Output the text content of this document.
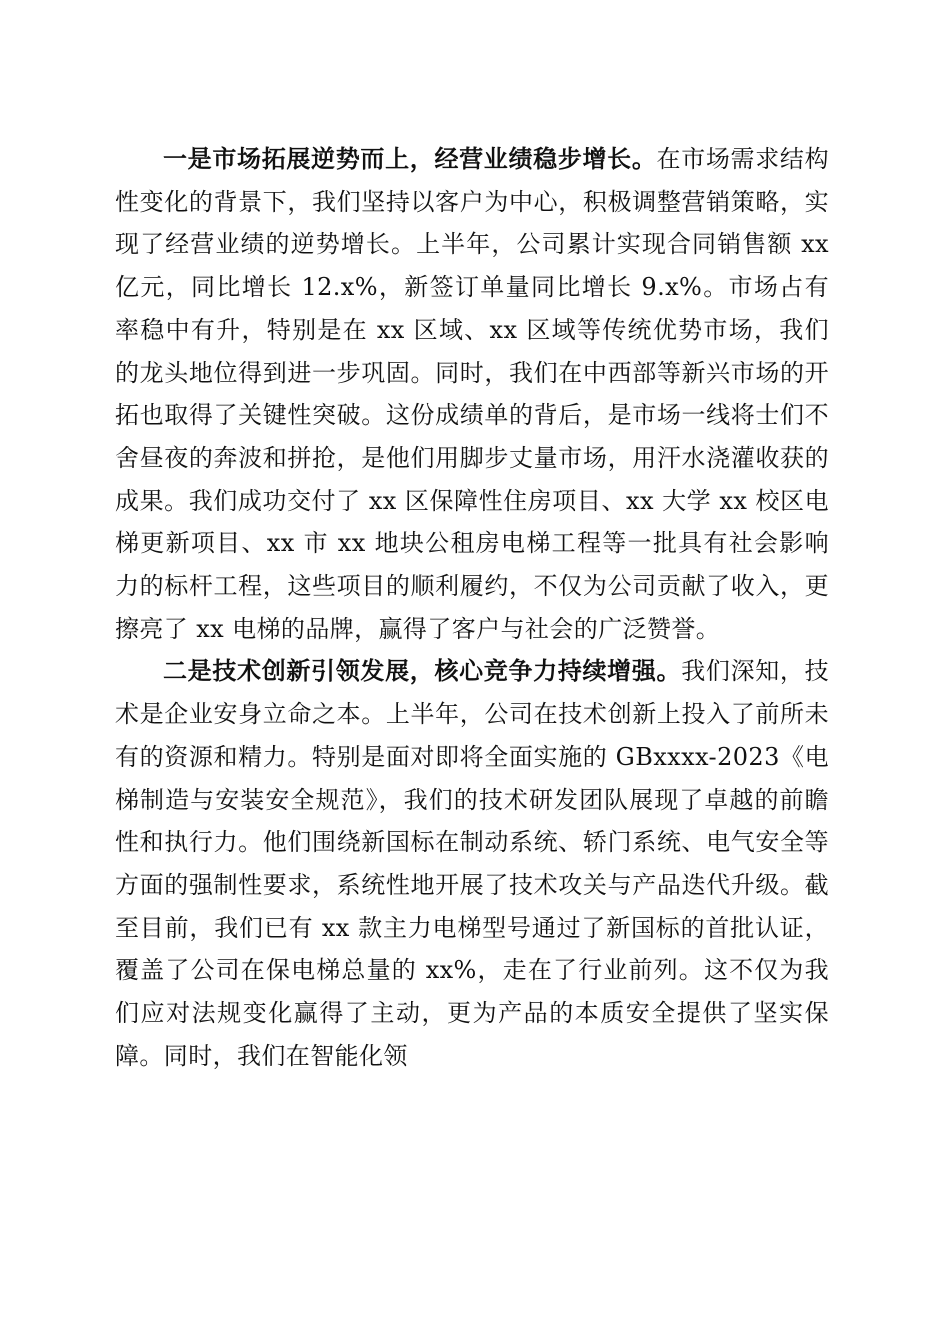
一是市场拓展逆势而上，经营业绩稳步增长。在市场需求结构性变化的背景下，我们坚持以客户为中心，积极调整营销策略，实现了经营业绩的逆势增长。上半年，公司累计实现合同销售额 xx 亿元，同比增长 12.x%，新签订单量同比增长 9.x%。市场占有率稳中有升，特别是在 xx 区域、xx 区域等传统优势市场，我们的龙头地位得到进一步巩固。同时，我们在中西部等新兴市场的开拓也取得了关键性突破。这份成绩单的背后，是市场一线将士们不舍昼夜的奔波和拼抢，是他们用脚步丈量市场，用汗水浇灌收获的成果。我们成功交付了 xx 区保障性住房项目、xx 大学 xx 校区电梯更新项目、xx 市 xx 地块公租房电梯工程等一批具有社会影响力的标杆工程，这些项目的顺利履约，不仅为公司贡献了收入，更擦亮了 xx 电梯的品牌，赢得了客户与社会的广泛赞誉。

二是技术创新引领发展，核心竞争力持续增强。我们深知，技术是企业安身立命之本。上半年，公司在技术创新上投入了前所未有的资源和精力。特别是面对即将全面实施的 GBxxxx-2023《电梯制造与安装安全规范》，我们的技术研发团队展现了卓越的前瞻性和执行力。他们围绕新国标在制动系统、轿门系统、电气安全等方面的强制性要求，系统性地开展了技术攻关与产品迭代升级。截至目前，我们已有 xx 款主力电梯型号通过了新国标的首批认证，覆盖了公司在保电梯总量的 xx%，走在了行业前列。这不仅为我们应对法规变化赢得了主动，更为产品的本质安全提供了坚实保障。同时，我们在智能化领
